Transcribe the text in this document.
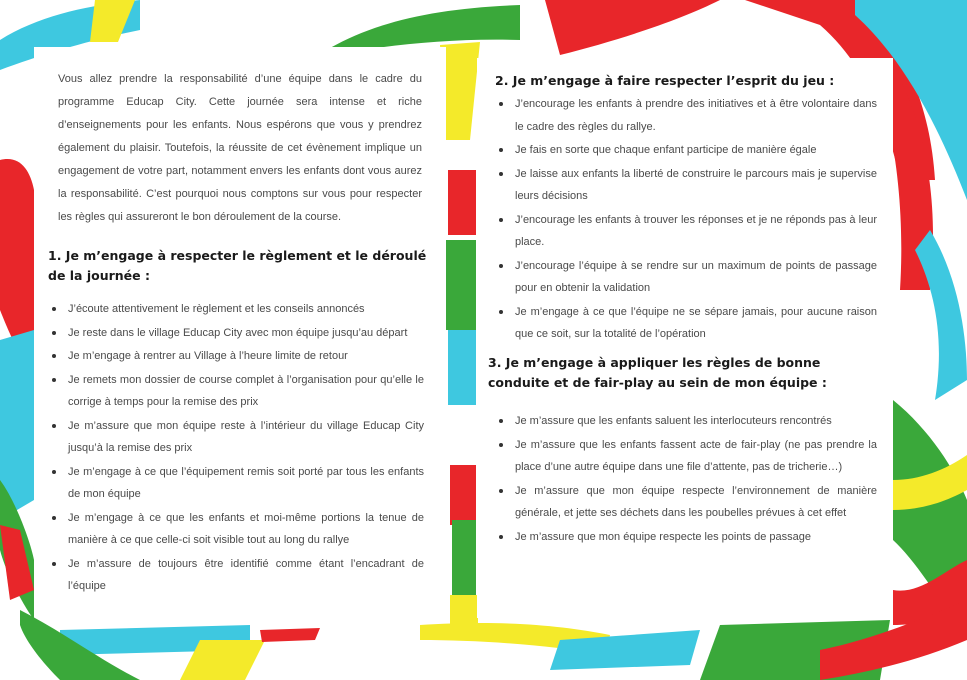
Vous allez prendre la responsabilité d’une équipe dans le cadre du programme Educap City. Cette journée sera intense et riche d’enseignements pour les enfants. Nous espérons que vous y prendrez également du plaisir. Toutefois, la réussite de cet évènement implique un engagement de votre part, notamment envers les enfants dont vous aurez la responsabilité. C’est pourquoi nous comptons sur vous pour respecter les règles qui assureront le bon déroulement de la course.

1. Je m’engage à respecter le règlement et le déroulé de la journée :
J’écoute attentivement le règlement et les conseils annoncés
Je reste dans le village Educap City avec mon équipe jusqu’au départ
Je m’engage à rentrer au Village à l’heure limite de retour
Je remets mon dossier de course complet à l’organisation pour qu’elle le corrige à temps pour la remise des prix
Je m’assure que mon équipe reste à l’intérieur du village Educap City jusqu’à la remise des prix
Je m’engage à ce que l’équipement remis soit porté par tous les enfants de mon équipe
Je m’engage à ce que les enfants et moi-même portions la tenue de manière à ce que celle-ci soit visible tout au long du rallye
Je m’assure de toujours être identifié comme étant l’encadrant de l’équipe
2. Je m’engage à faire respecter l’esprit du jeu :
J’encourage les enfants à prendre des initiatives et à être volontaire dans le cadre des règles du rallye.
Je fais en sorte que chaque enfant participe de manière égale
Je laisse aux enfants la liberté de construire le parcours mais je supervise leurs décisions
J’encourage les enfants à trouver les réponses et je ne réponds pas à leur place.
J’encourage l’équipe à se rendre sur un maximum de points de passage pour en obtenir la validation
Je m’engage à ce que l’équipe ne se sépare jamais, pour aucune raison que ce soit, sur la totalité de l’opération
3. Je m’engage à appliquer les règles de bonne conduite et de fair-play au sein de mon équipe :
Je m’assure que les enfants saluent les interlocuteurs rencontrés
Je m’assure que les enfants fassent acte de fair-play (ne pas prendre la place d’une autre équipe dans une file d’attente, pas de tricherie…)
Je m’assure que mon équipe respecte l’environnement de manière générale, et jette ses déchets dans les poubelles prévues à cet effet
Je m’assure que mon équipe respecte les points de passage
